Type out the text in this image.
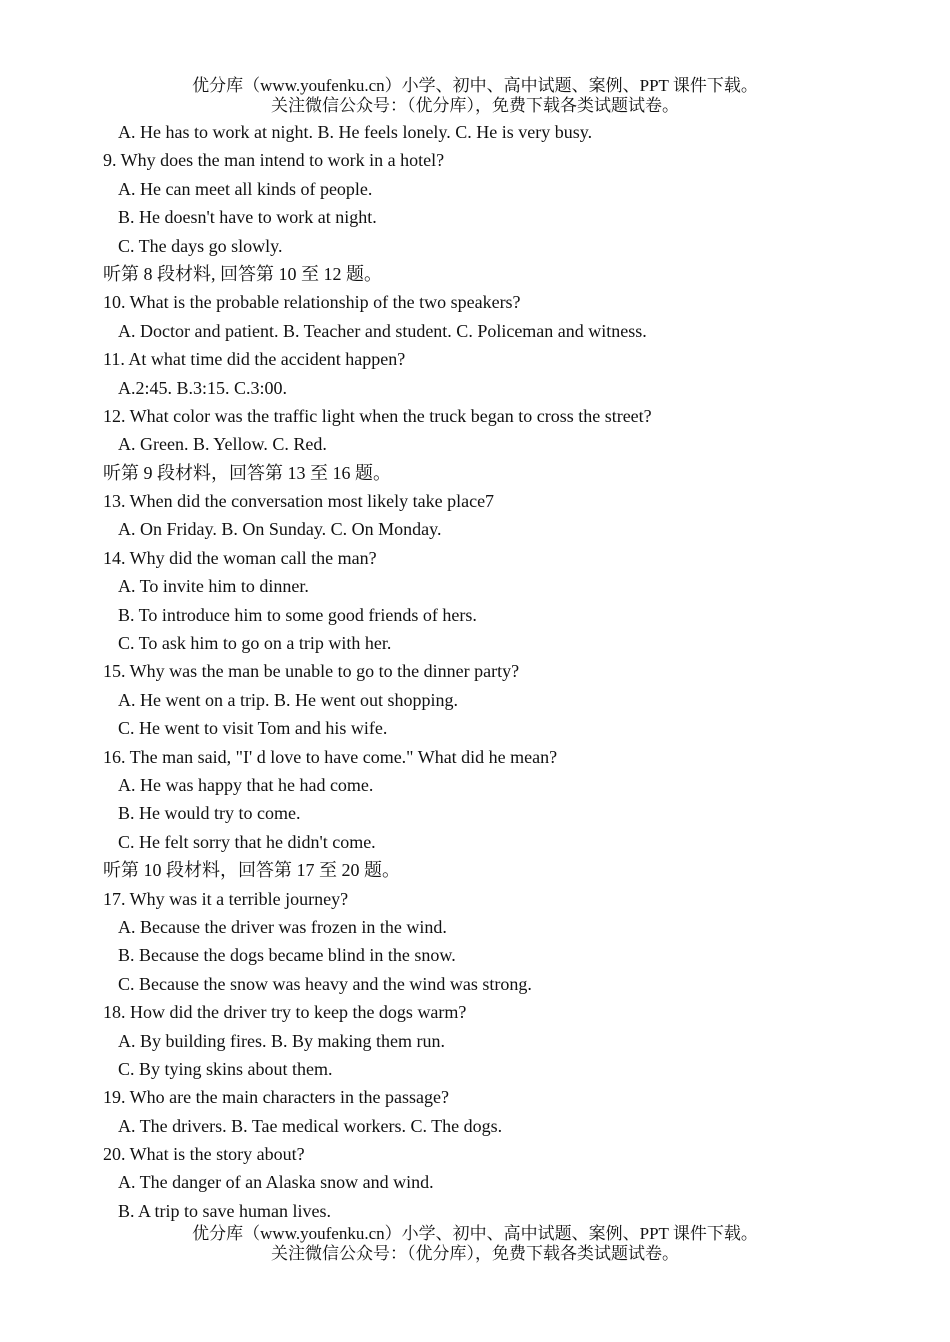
优分库（www.youfenku.cn）小学、初中、高中试题、案例、PPT 课件下载。
关注微信公众号：（优分库），免费下载各类试题试卷。
A. He has to work at night. B. He feels lonely. C. He is very busy.
9. Why does the man intend to work in a hotel?
A. He can meet all kinds of people.
B. He doesn't have to work at night.
C. The days go slowly.
听第 8 段材料, 回答第 10 至 12 题。
10. What is the probable relationship of the two speakers?
A. Doctor and patient. B. Teacher and student. C. Policeman and witness.
11. At what time did the accident happen?
A.2:45. B.3:15. C.3:00.
12. What color was the traffic light when the truck began to cross the street?
A. Green. B. Yellow. C. Red.
听第 9 段材料，回答第 13 至 16 题。
13. When did the conversation most likely take place7
A. On Friday. B. On Sunday. C. On Monday.
14. Why did the woman call the man?
A. To invite him to dinner.
B. To introduce him to some good friends of hers.
C. To ask him to go on a trip with her.
15. Why was the man be unable to go to the dinner party?
A. He went on a trip. B. He went out shopping.
C. He went to visit Tom and his wife.
16. The man said, "I' d love to have come." What did he mean?
A. He was happy that he had come.
B. He would try to come.
C. He felt sorry that he didn't come.
听第 10 段材料，回答第 17 至 20 题。
17. Why was it a terrible journey?
A. Because the driver was frozen in the wind.
B. Because the dogs became blind in the snow.
C. Because the snow was heavy and the wind was strong.
18. How did the driver try to keep the dogs warm?
A. By building fires. B. By making them run.
C. By tying skins about them.
19. Who are the main characters in the passage?
A. The drivers. B. Tae medical workers. C. The dogs.
20. What is the story about?
A. The danger of an Alaska snow and wind.
B. A trip to save human lives.
优分库（www.youfenku.cn）小学、初中、高中试题、案例、PPT 课件下载。
关注微信公众号：（优分库），免费下载各类试题试卷。
